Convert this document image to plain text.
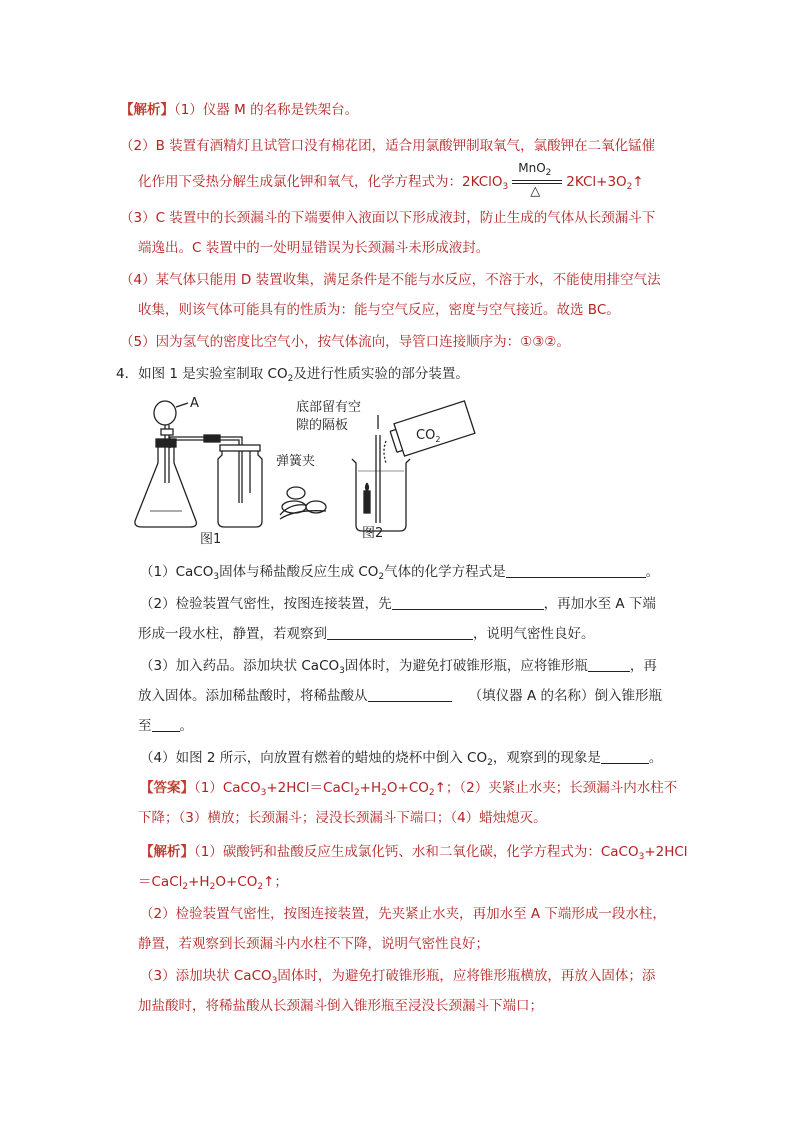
【解析】（1）仪器 M 的名称是铁架台。
（2）B 装置有酒精灯且试管口没有棉花团，适合用氯酸钾制取氧气，氯酸钾在二氧化锰催
化作用下受热分解生成氯化钾和氧气，化学方程式为：2KClO$_3$
MnO$_2$
△
$2KCl+3O_2↑$
（3）C 装置中的长颈漏斗的下端要伸入液面以下形成液封，防止生成的气体从长颈漏斗下
端逸出。C 装置中的一处明显错误为长颈漏斗未形成液封。
（4）某气体只能用 D 装置收集，满足条件是不能与水反应，不溶于水，不能使用排空气法
收集，则该气体可能具有的性质为：能与空气反应，密度与空气接近。故选 BC。
（5）因为氢气的密度比空气小，按气体流向，导管口连接顺序为：①③②。
4．如图 1 是实验室制取 $CO_2$及进行性质实验的部分装置。
A	底部留有空
隙的隔板
$CO_2$
弹簧夹
图1	图2
（1）CaCO$_3$固体与稀盐酸反应生成 $CO_2$气体的化学方程式是	。
（2）检验装置气密性，按图连接装置，先	，再加水至 A 下端
形成一段水柱，静置，若观察到	，说明气密性良好。
（3）加入药品。添加块状 CaCO$_3$固体时，为避免打破锥形瓶，应将锥形瓶	，再
放入固体。添加稀盐酸时，将稀盐酸从	（填仪器 A 的名称）倒入锥形瓶
至 。
（4）如图 2 所示，向放置有燃着的蜡烛的烧杯中倒入 $CO_2$，观察到的现象是	。
【答案】$(1)CaCO_3+2HCl=CaCl_2+H_2O+CO_2↑$；（2）夹紧止水夹；长颈漏斗内水柱不
下降；（3）横放；长颈漏斗；浸没长颈漏斗下端口；（4）蜡烛熄灭。
【解析】（1）碳酸钙和盐酸反应生成氯化钙、水和二氧化碳，化学方程式为：CaCO$_3$+2HCl
$=CaCl_2+H_2O+CO_2↑$；
（2）检验装置气密性，按图连接装置，先夹紧止水夹，再加水至 A 下端形成一段水柱，
静置，若观察到长颈漏斗内水柱不下降，说明气密性良好；
（3）添加块状 CaCO$_3$固体时，为避免打破锥形瓶，应将锥形瓶横放，再放入固体；添
加盐酸时，将稀盐酸从长颈漏斗倒入锥形瓶至浸没长颈漏斗下端口；
